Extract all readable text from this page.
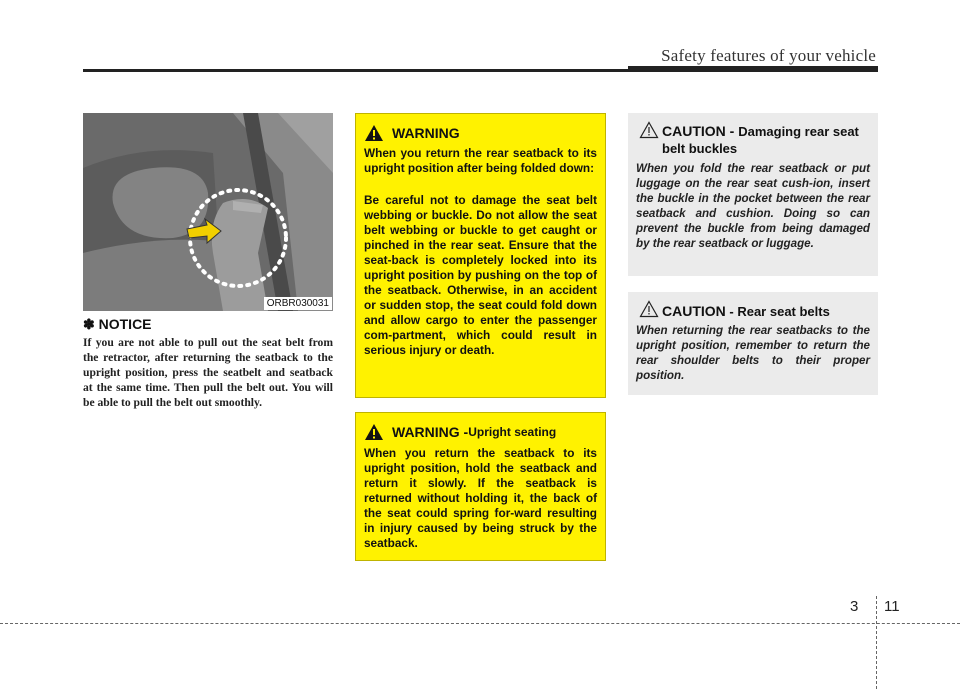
Safety features of your vehicle
ORBR030031
✽ NOTICE
If you are not able to pull out the seat belt from the retractor, after returning the seatback to the upright position, press the seatbelt and seatback at the same time. Then pull the belt out. You will be able to pull the belt out smoothly.
WARNING
When you return the rear seatback to its upright position after being folded down:
Be careful not to damage the seat belt webbing or buckle. Do not allow the seat belt webbing or buckle to get caught or pinched in the rear seat. Ensure that the seat-back is completely locked into its upright position by pushing on the top of the seatback. Otherwise, in an accident or sudden stop, the seat could fold down and allow cargo to enter the passenger com-partment, which could result in serious injury or death.
WARNING - Upright seating
When you return the seatback to its upright position, hold the seatback and return it slowly. If the seatback is returned without holding it, the back of the seat could spring for-ward resulting in injury caused by being struck by the seatback.
CAUTION - Damaging rear seat belt buckles
When you fold the rear seatback or put luggage on the rear seat cush-ion, insert the buckle in the pocket between the rear seatback and cushion. Doing so can prevent the buckle from being damaged by the rear seatback or luggage.
CAUTION - Rear seat belts
When returning the rear seatbacks to the upright position, remember to return the rear shoulder belts to their proper position.
3 11
